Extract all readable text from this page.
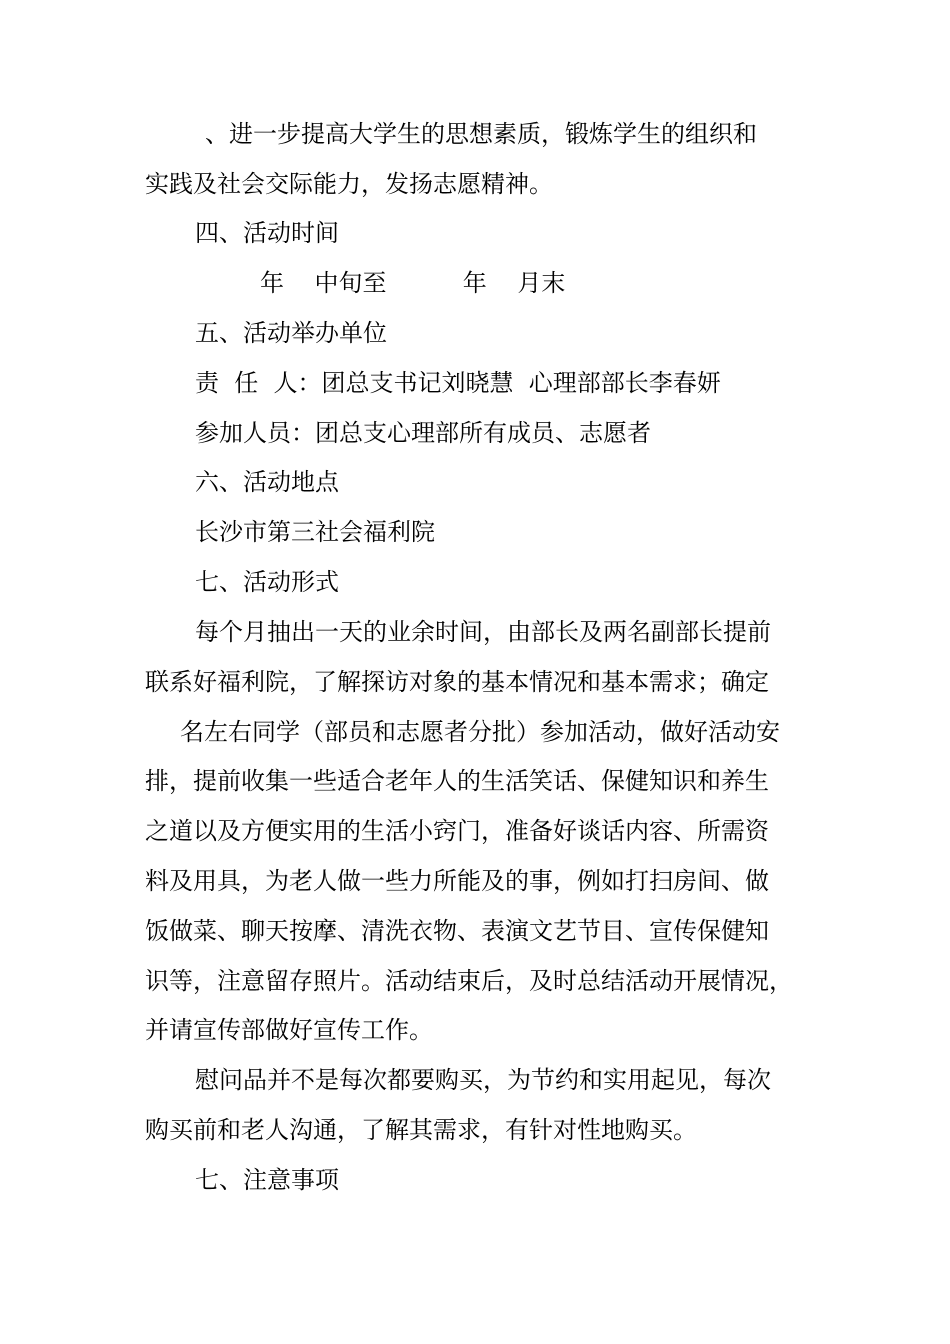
、进一步提高大学生的思想素质，锻炼学生的组织和
实践及社会交际能力，发扬志愿精神。
四、活动时间
年    中旬至          年    月末
五、活动举办单位
责  任  人：团总支书记刘晓慧  心理部部长李春妍
参加人员：团总支心理部所有成员、志愿者
六、活动地点
长沙市第三社会福利院
七、活动形式
每个月抽出一天的业余时间，由部长及两名副部长提前
联系好福利院，了解探访对象的基本情况和基本需求；确定
名左右同学（部员和志愿者分批）参加活动，做好活动安
排，提前收集一些适合老年人的生活笑话、保健知识和养生
之道以及方便实用的生活小窍门，准备好谈话内容、所需资
料及用具，为老人做一些力所能及的事，例如打扫房间、做
饭做菜、聊天按摩、清洗衣物、表演文艺节目、宣传保健知
识等，注意留存照片。活动结束后，及时总结活动开展情况，
并请宣传部做好宣传工作。
慰问品并不是每次都要购买，为节约和实用起见，每次
购买前和老人沟通，了解其需求，有针对性地购买。
七、注意事项
